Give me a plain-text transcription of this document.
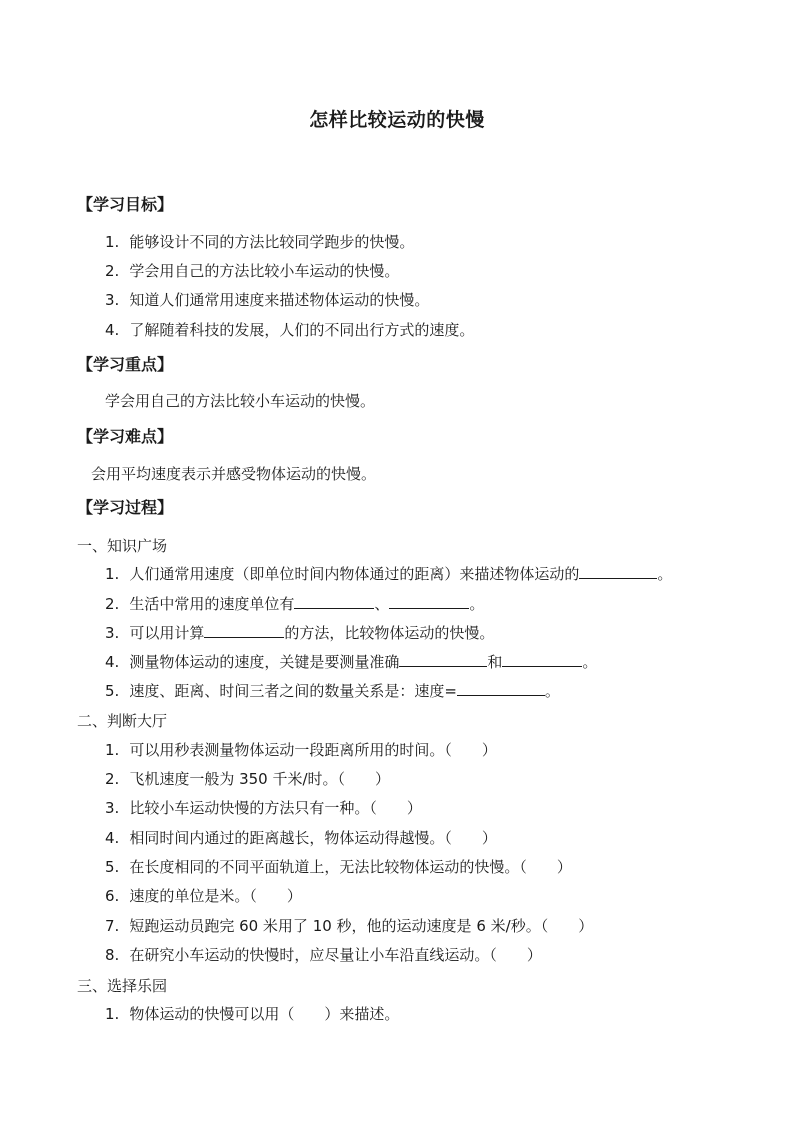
怎样比较运动的快慢
【学习目标】
1. 能够设计不同的方法比较同学跑步的快慢。
2. 学会用自己的方法比较小车运动的快慢。
3. 知道人们通常用速度来描述物体运动的快慢。
4. 了解随着科技的发展，人们的不同出行方式的速度。
【学习重点】
学会用自己的方法比较小车运动的快慢。
【学习难点】
会用平均速度表示并感受物体运动的快慢。
【学习过程】
一、知识广场
1. 人们通常用速度（即单位时间内物体通过的距离）来描述物体运动的	。
2. 生活中常用的速度单位有	、	。
3. 可以用计算	的方法，比较物体运动的快慢。
4. 测量物体运动的速度，关键是要测量准确	和	。
5. 速度、距离、时间三者之间的数量关系是：速度=	。
二、判断大厅
1. 可以用秒表测量物体运动一段距离所用的时间。（　　）
2. 飞机速度一般为 350 千米/时。（　　）
3. 比较小车运动快慢的方法只有一种。（　　）
4. 相同时间内通过的距离越长，物体运动得越慢。（　　）
5. 在长度相同的不同平面轨道上，无法比较物体运动的快慢。（　　）
6. 速度的单位是米。（　　）
7. 短跑运动员跑完 60 米用了 10 秒，他的运动速度是 6 米/秒。（　　）
8. 在研究小车运动的快慢时，应尽量让小车沿直线运动。（　　）
三、选择乐园
1. 物体运动的快慢可以用（　　）来描述。
